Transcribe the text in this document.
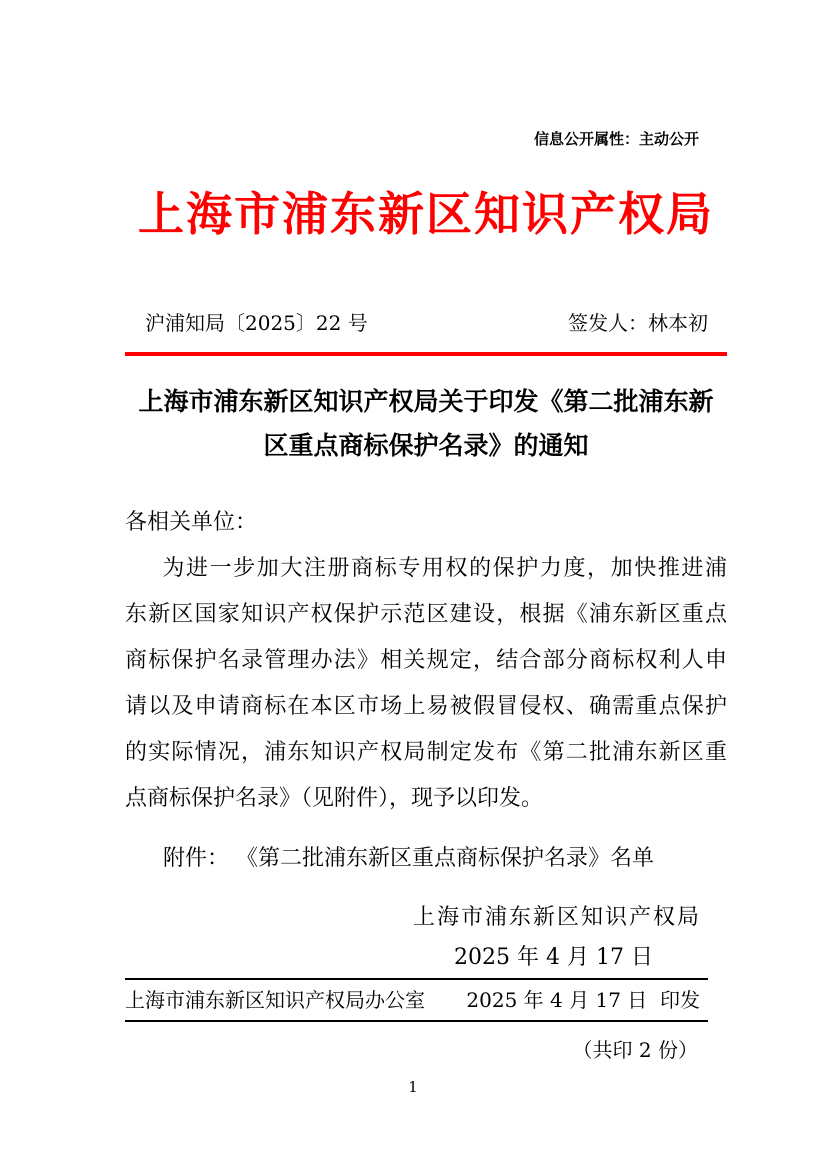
信息公开属性：主动公开
上海市浦东新区知识产权局
沪浦知局〔2025〕22 号	签发人：林本初
上海市浦东新区知识产权局关于印发《第二批浦东新
区重点商标保护名录》的通知
各相关单位：
为进一步加大注册商标专用权的保护力度，加快推进浦
东新区国家知识产权保护示范区建设，根据《浦东新区重点
商标保护名录管理办法》相关规定，结合部分商标权利人申
请以及申请商标在本区市场上易被假冒侵权、确需重点保护
的实际情况，浦东知识产权局制定发布《第二批浦东新区重
点商标保护名录》（见附件），现予以印发。
附件： 《第二批浦东新区重点商标保护名录》名单
上海市浦东新区知识产权局
2025 年 4 月 17 日
上海市浦东新区知识产权局办公室 2025 年 4 月 17 日  印发
（共印 2 份）
1
